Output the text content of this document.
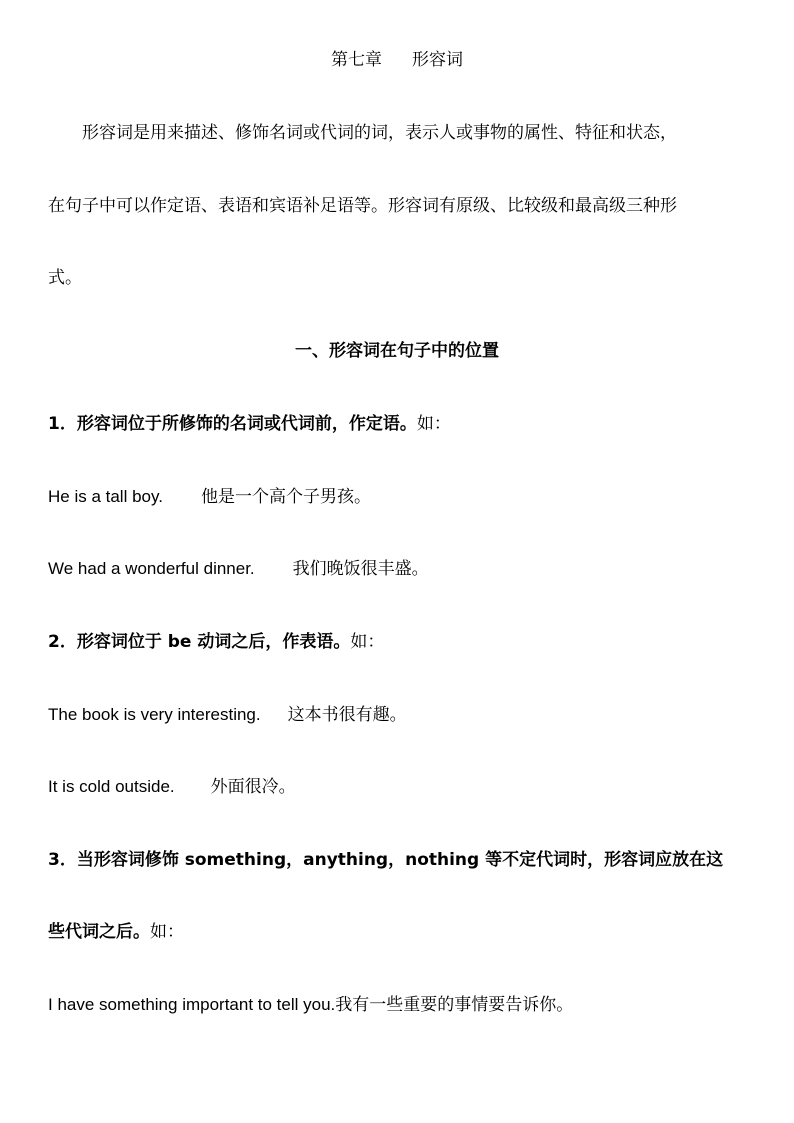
第七章 形容词
形容词是用来描述、修饰名词或代词的词，表示人或事物的属性、特征和状态，
在句子中可以作定语、表语和宾语补足语等。形容词有原级、比较级和最高级三种形
式。
一、形容词在句子中的位置
1．形容词位于所修饰的名词或代词前，作定语。如：
He is a tall boy. 他是一个高个子男孩。
We had a wonderful dinner. 我们晚饭很丰盛。
2．形容词位于 be 动词之后，作表语。如：
The book is very interesting. 这本书很有趣。
It is cold outside. 外面很冷。
3．当形容词修饰 something，anything，nothing 等不定代词时，形容词应放在这
些代词之后。如：
I have something important to tell you.我有一些重要的事情要告诉你。
